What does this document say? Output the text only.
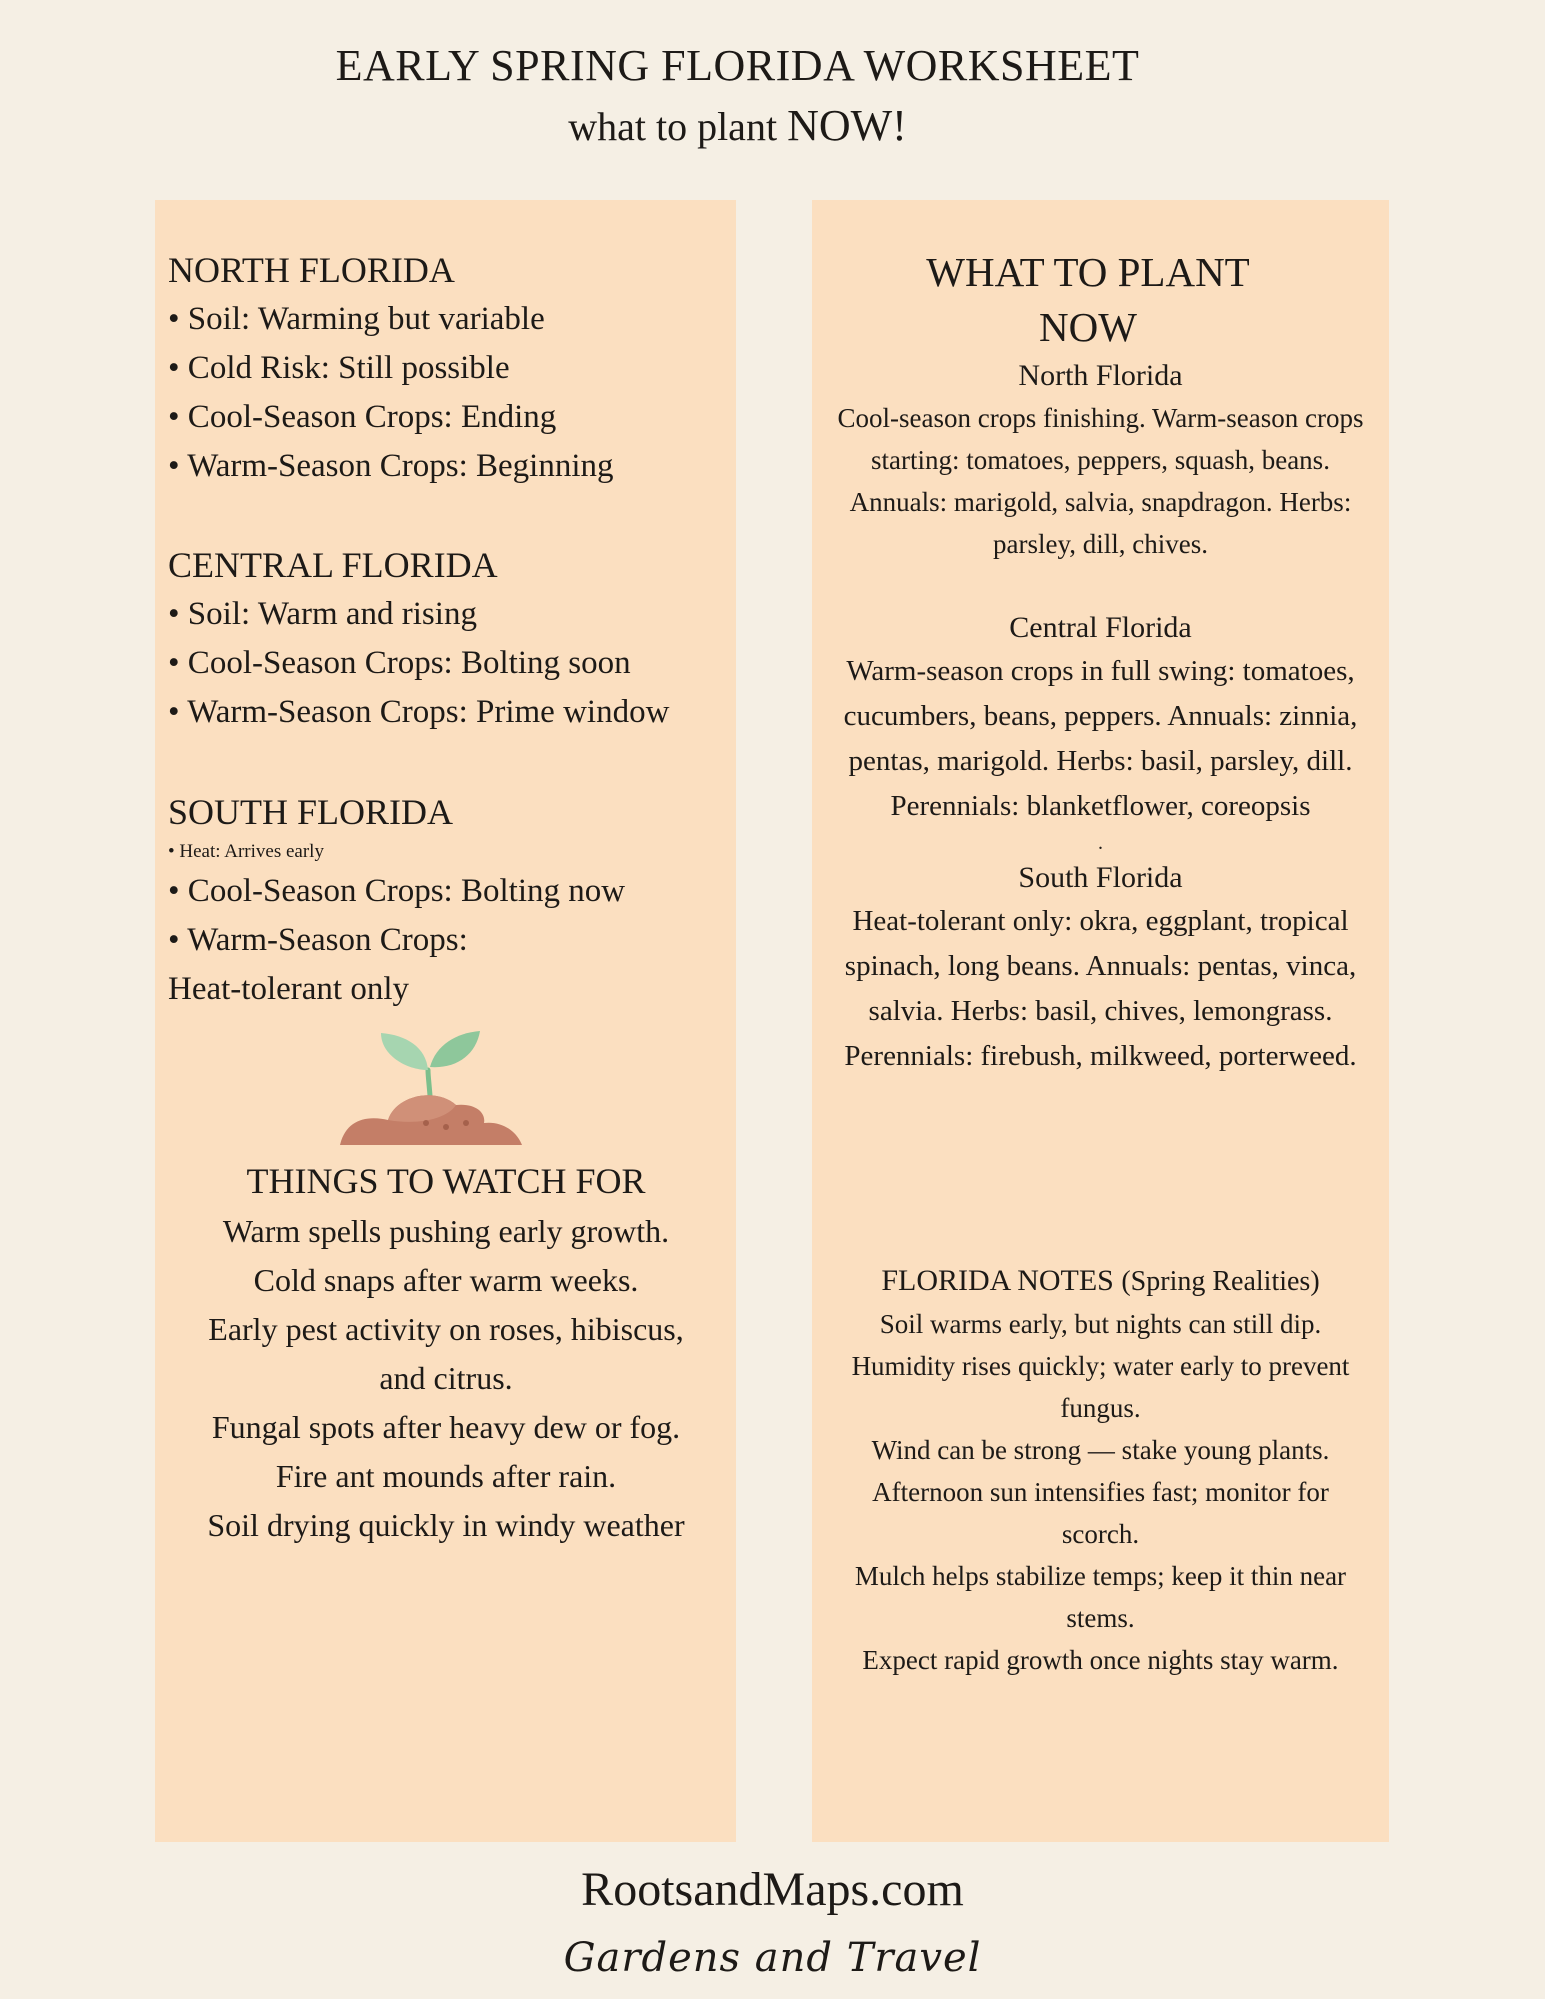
EARLY SPRING FLORIDA WORKSHEET
what to plant NOW!
NORTH FLORIDA
• Soil: Warming but variable
• Cold Risk: Still possible
• Cool-Season Crops: Ending
• Warm-Season Crops: Beginning
CENTRAL FLORIDA
• Soil: Warm and rising
• Cool-Season Crops: Bolting soon
• Warm-Season Crops: Prime window
SOUTH FLORIDA
• Heat: Arrives early
• Cool-Season Crops: Bolting now
• Warm-Season Crops:
Heat-tolerant only
THINGS TO WATCH FOR
Warm spells pushing early growth.
Cold snaps after warm weeks.
Early pest activity on roses, hibiscus,
and citrus.
Fungal spots after heavy dew or fog.
Fire ant mounds after rain.
Soil drying quickly in windy weather
WHAT TO PLANT
NOW
North Florida
Cool-season crops finishing. Warm-season crops starting: tomatoes, peppers, squash, beans. Annuals: marigold, salvia, snapdragon. Herbs: parsley, dill, chives.
Central Florida
Warm-season crops in full swing: tomatoes, cucumbers, beans, peppers. Annuals: zinnia, pentas, marigold. Herbs: basil, parsley, dill. Perennials: blanketflower, coreopsis
.
South Florida
Heat-tolerant only: okra, eggplant, tropical spinach, long beans. Annuals: pentas, vinca, salvia. Herbs: basil, chives, lemongrass. Perennials: firebush, milkweed, porterweed.
FLORIDA NOTES (Spring Realities)
Soil warms early, but nights can still dip.
Humidity rises quickly; water early to prevent fungus.
Wind can be strong — stake young plants.
Afternoon sun intensifies fast; monitor for scorch.
Mulch helps stabilize temps; keep it thin near stems.
Expect rapid growth once nights stay warm.
RootsandMaps.com
Gardens and Travel
